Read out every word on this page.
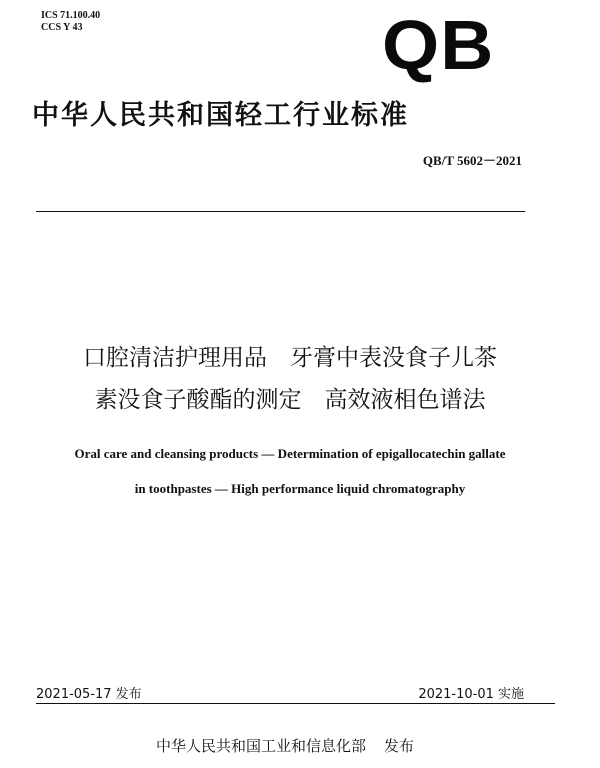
ICS 71.100.40
CCS Y 43	QB
中华人民共和国轻工行业标准
QB/T 5602－2021
口腔清洁护理用品　牙膏中表没食子儿茶
素没食子酸酯的测定　高效液相色谱法
Oral care and cleansing products — Determination of epigallocatechin gallate
in toothpastes — High performance liquid chromatography
2021-05-17 发布	2021-10-01 实施
中华人民共和国工业和信息化部 发布
